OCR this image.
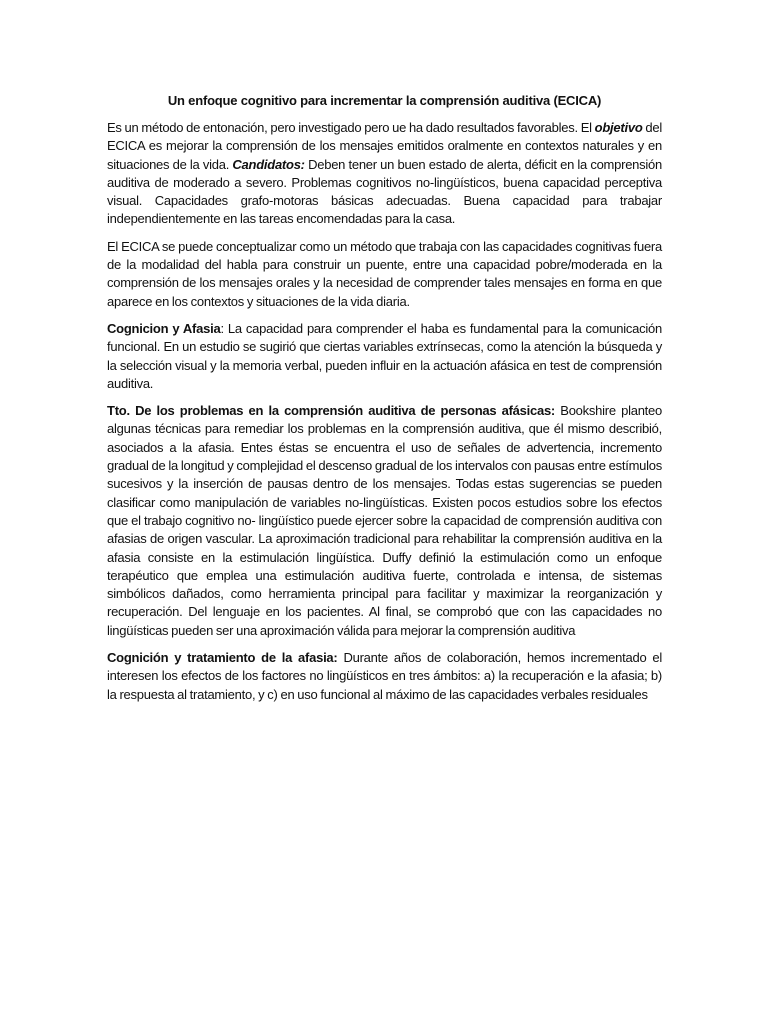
Un enfoque cognitivo para incrementar la comprensión auditiva (ECICA)

Es un método de entonación, pero investigado pero ue ha dado resultados favorables. El objetivo del ECICA es mejorar la comprensión de los mensajes emitidos oralmente en contextos naturales y en situaciones de la vida. Candidatos: Deben tener un buen estado de alerta, déficit en la comprensión auditiva de moderado a severo. Problemas cognitivos no-lingüísticos, buena capacidad perceptiva visual. Capacidades grafo-motoras básicas adecuadas. Buena capacidad para trabajar independientemente en las tareas encomendadas para la casa.

El ECICA se puede conceptualizar como un método que trabaja con las capacidades cognitivas fuera de la modalidad del habla para construir un puente, entre una capacidad pobre/moderada en la comprensión de los mensajes orales y la necesidad de comprender tales mensajes en forma en que aparece en los contextos y situaciones de la vida diaria.

Cognicion y Afasia: La capacidad para comprender el haba es fundamental para la comunicación funcional. En un estudio se sugirió que ciertas variables extrínsecas, como la atención la búsqueda y la selección visual y la memoria verbal, pueden influir en la actuación afásica en test de comprensión auditiva.

Tto. De los problemas en la comprensión auditiva de personas afásicas: Bookshire planteo algunas técnicas para remediar los problemas en la comprensión auditiva, que él mismo describió, asociados a la afasia. Entes éstas se encuentra el uso de señales de advertencia, incremento gradual de la longitud y complejidad el descenso gradual de los intervalos con pausas entre estímulos sucesivos y la inserción de pausas dentro de los mensajes. Todas estas sugerencias se pueden clasificar como manipulación de variables no-lingüísticas. Existen pocos estudios sobre los efectos que el trabajo cognitivo no- lingüístico puede ejercer sobre la capacidad de comprensión auditiva con afasias de origen vascular. La aproximación tradicional para rehabilitar la comprensión auditiva en la afasia consiste en la estimulación lingüística. Duffy definió la estimulación como un enfoque terapéutico que emplea una estimulación auditiva fuerte, controlada e intensa, de sistemas simbólicos dañados, como herramienta principal para facilitar y maximizar la reorganización y recuperación. Del lenguaje en los pacientes. Al final, se comprobó que con las capacidades no lingüísticas pueden ser una aproximación válida para mejorar la comprensión auditiva

Cognición y tratamiento de la afasia: Durante años de colaboración, hemos incrementado el interesen los efectos de los factores no lingüísticos en tres ámbitos: a) la recuperación e la afasia; b) la respuesta al tratamiento, y c) en uso funcional al máximo de las capacidades verbales residuales
